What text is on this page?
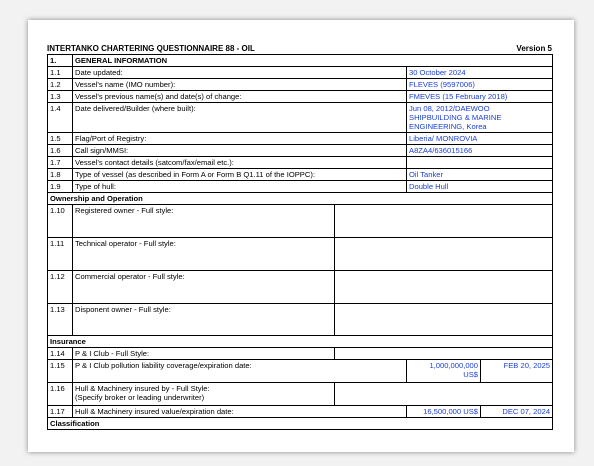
INTERTANKO CHARTERING QUESTIONNAIRE 88 - OIL	Version 5
1.	GENERAL INFORMATION			
1.1	Date updated:		30 October 2024	
1.2	Vessel's name (IMO number):		FLEVES (9597006)	
1.3	Vessel's previous name(s) and date(s) of change:		FMEVES (15 February 2018)	
1.4	Date delivered/Builder (where built):		Jun 08, 2012/DAEWOO
SHIPBUILDING & MARINE
ENGINEERING, Korea	

1.5	Flag/Port of Registry:		Liberia/ MONROVIA	
1.6	Call sign/MMSI:		A8ZA4/636015166	
1.7	Vessel's contact details (satcom/fax/email etc.):			
1.8	Type of vessel (as described in Form A or Form B Q1.11 of the IOPPC):		Oil Tanker	
1.9	Type of hull:		Double Hull	
Ownership and Operation				
1.10	Registered owner - Full style:			
1.11	Technical operator - Full style:			
1.12	Commercial operator - Full style:			
1.13	Disponent owner - Full style:			
Insurance				
1.14	P & I Club - Full Style:			
1.15	P & I Club pollution liability coverage/expiration date:		1,000,000,000
US$	FEB 20, 2025
1.16	Hull & Machinery insured by - Full Style:
(Specify broker or leading underwriter)			

1.17	Hull & Machinery insured value/expiration date:		16,500,000 US$	DEC 07, 2024
Classification				
